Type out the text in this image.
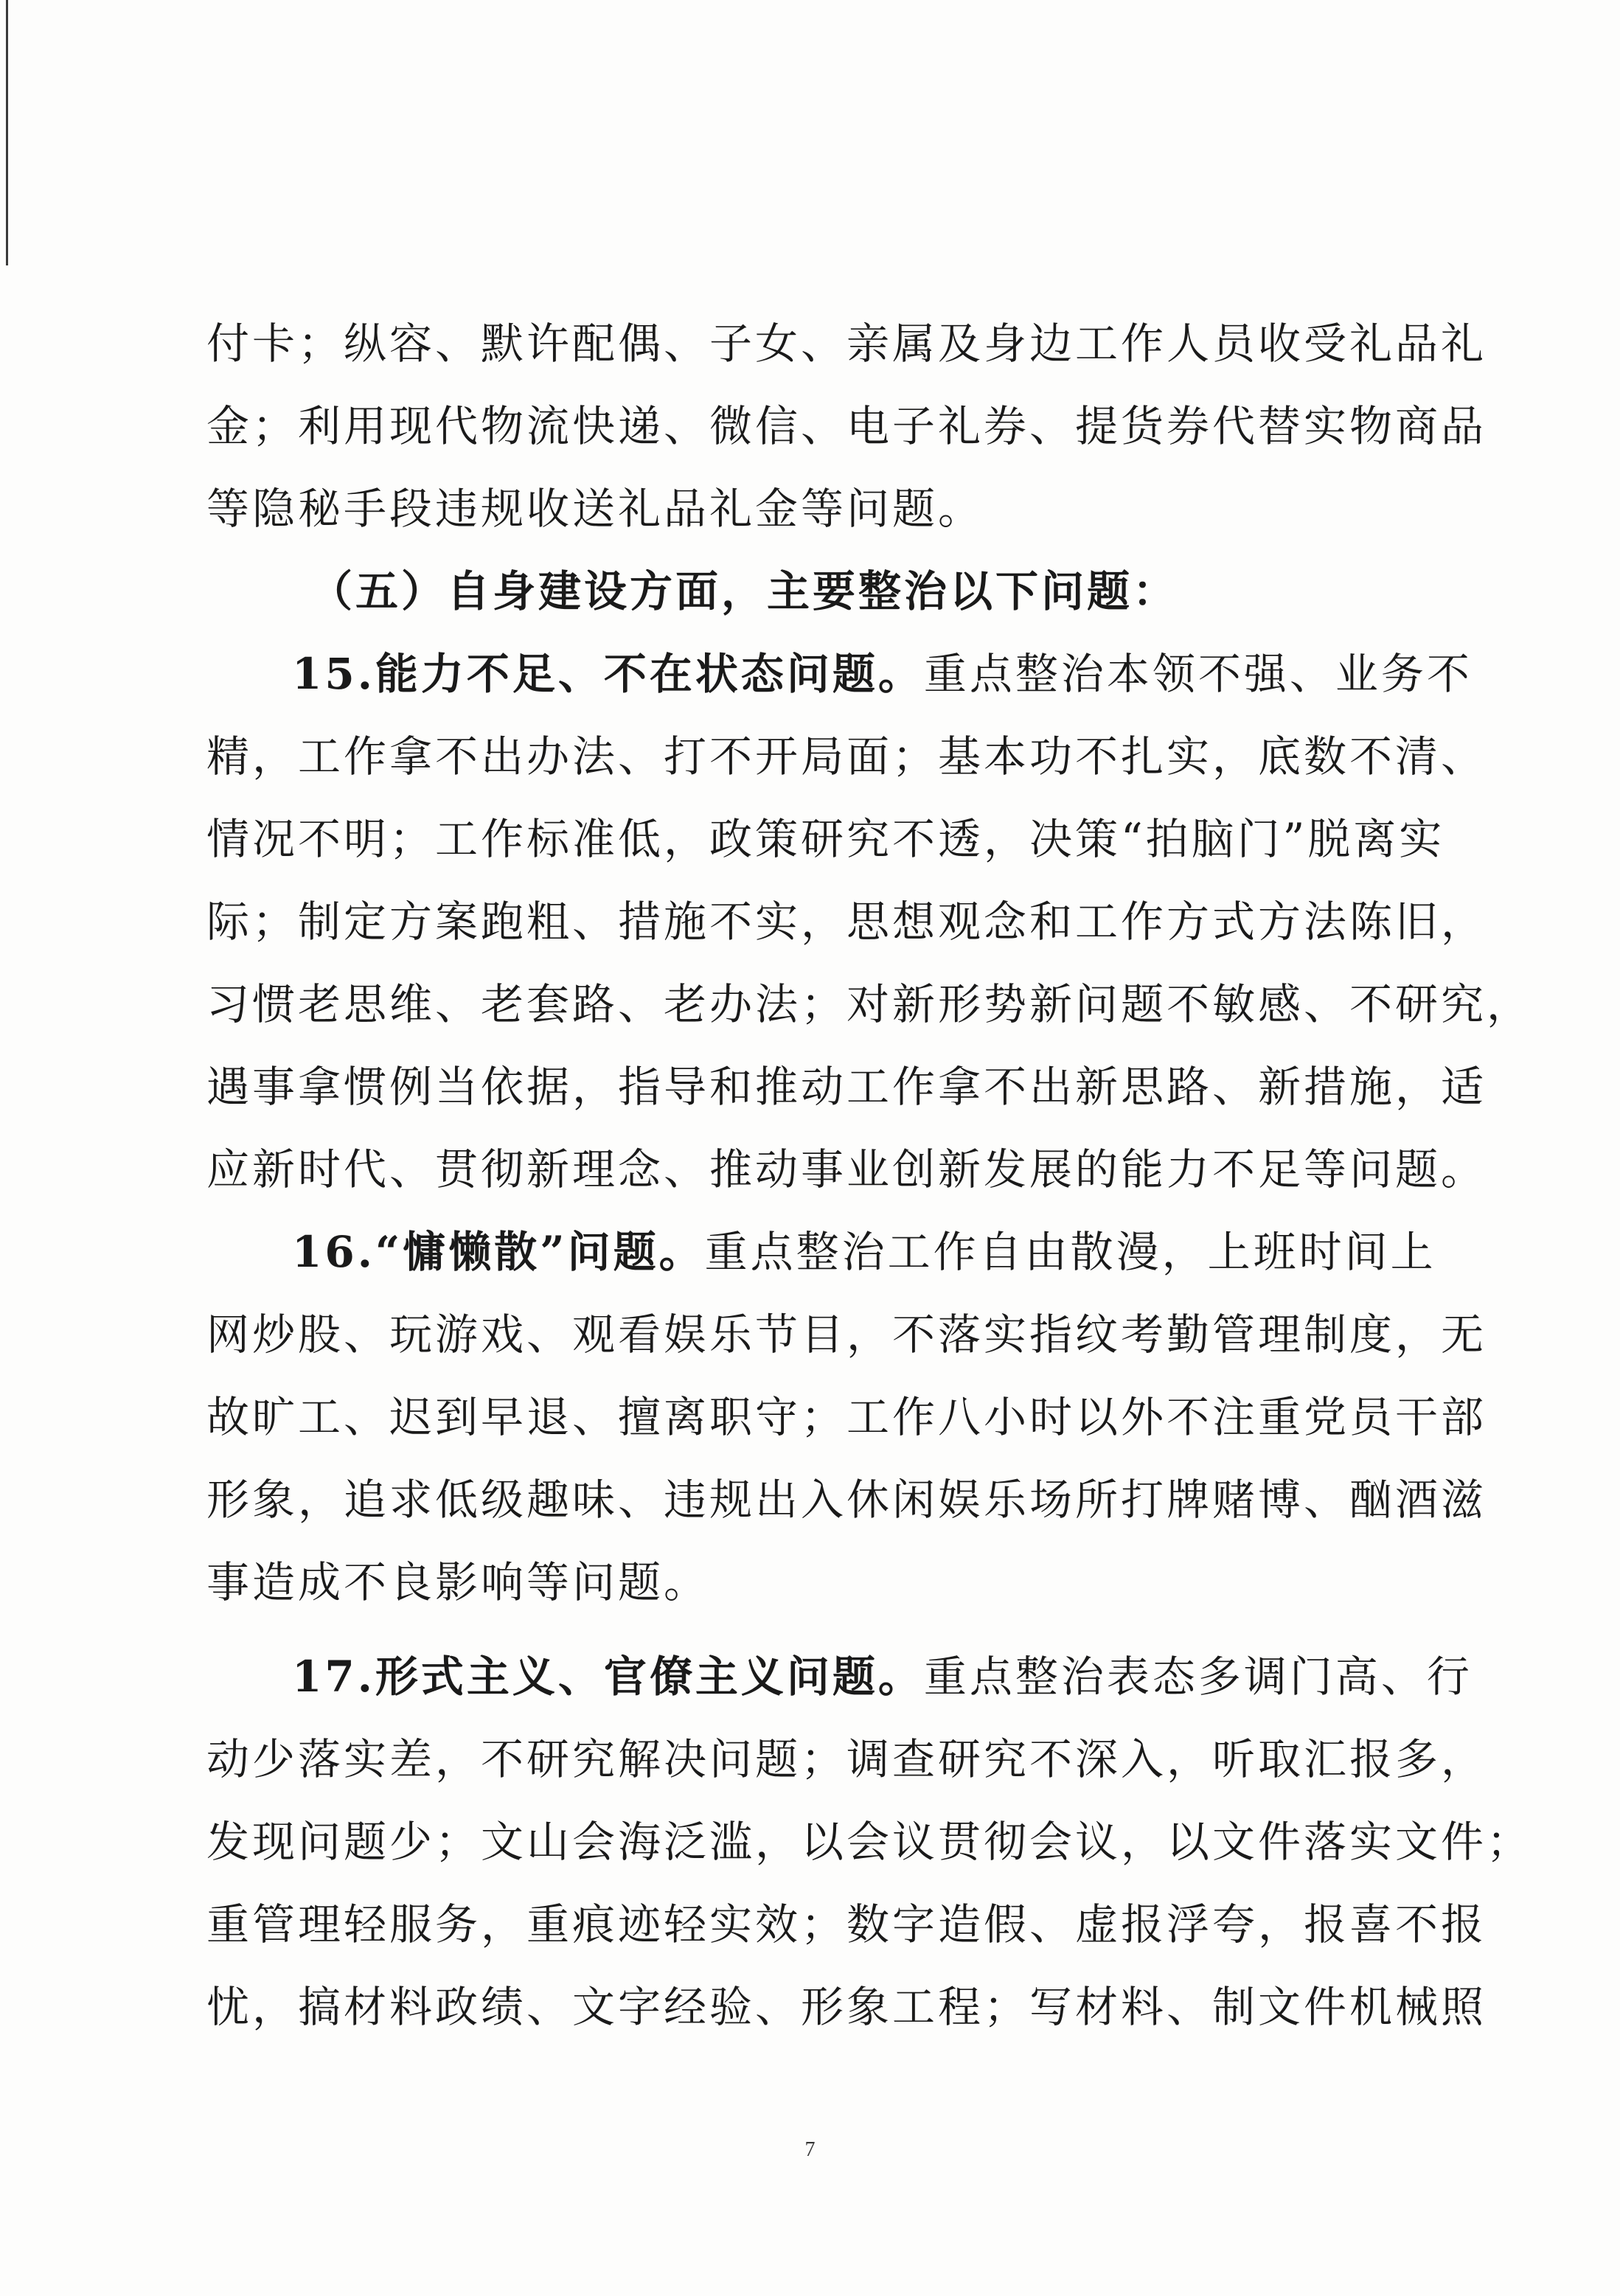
付卡；纵容、默许配偶、子女、亲属及身边工作人员收受礼品礼
金；利用现代物流快递、微信、电子礼券、提货券代替实物商品
等隐秘手段违规收送礼品礼金等问题。
（五）自身建设方面，主要整治以下问题：
15.能力不足、不在状态问题。重点整治本领不强、业务不
精，工作拿不出办法、打不开局面；基本功不扎实，底数不清、
情况不明；工作标准低，政策研究不透，决策“拍脑门”脱离实
际；制定方案跑粗、措施不实，思想观念和工作方式方法陈旧，
习惯老思维、老套路、老办法；对新形势新问题不敏感、不研究，
遇事拿惯例当依据，指导和推动工作拿不出新思路、新措施，适
应新时代、贯彻新理念、推动事业创新发展的能力不足等问题。
16.“慵懒散”问题。重点整治工作自由散漫，上班时间上
网炒股、玩游戏、观看娱乐节目，不落实指纹考勤管理制度，无
故旷工、迟到早退、擅离职守；工作八小时以外不注重党员干部
形象，追求低级趣味、违规出入休闲娱乐场所打牌赌博、酗酒滋
事造成不良影响等问题。
17.形式主义、官僚主义问题。重点整治表态多调门高、行
动少落实差，不研究解决问题；调查研究不深入，听取汇报多，
发现问题少；文山会海泛滥，以会议贯彻会议，以文件落实文件；
重管理轻服务，重痕迹轻实效；数字造假、虚报浮夸，报喜不报
忧，搞材料政绩、文字经验、形象工程；写材料、制文件机械照
7
